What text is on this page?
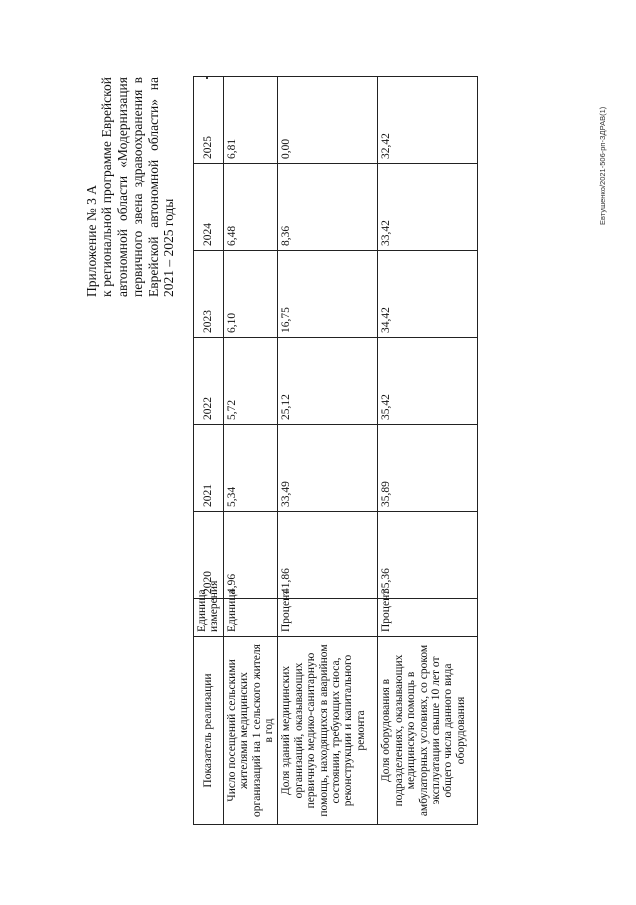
Приложение № 3 А к региональной программе Еврейской автономной области «Модернизация первичного звена здравоохранения в Еврейской автономной области» на 2021 – 2025 годы
Показатель реализации	Единица измерения	2020	2021	2022	2023	2024	2025
Число посещений сельскими жителями медицинских организаций на 1 сельского жителя в год	Единица	4,96	5,34	5,72	6,10	6,48	6,81
Доля зданий медицинских организаций, оказывающих первичную медико-санитарную помощь, находящихся в аварийном состоянии, требующих сноса, реконструкции и капитального ремонта	Процент	41,86	33,49	25,12	16,75	8,36	0,00
Доля оборудования в подразделениях, оказывающих медицинскую помощь в амбулаторных условиях, со сроком эксплуатации свыше 10 лет от общего числа данного вида оборудования	Процент	35,36	35,89	35,42	34,42	33,42	32,42	Евтушенко/2021-506-рп-ЗДРАВ(1)
